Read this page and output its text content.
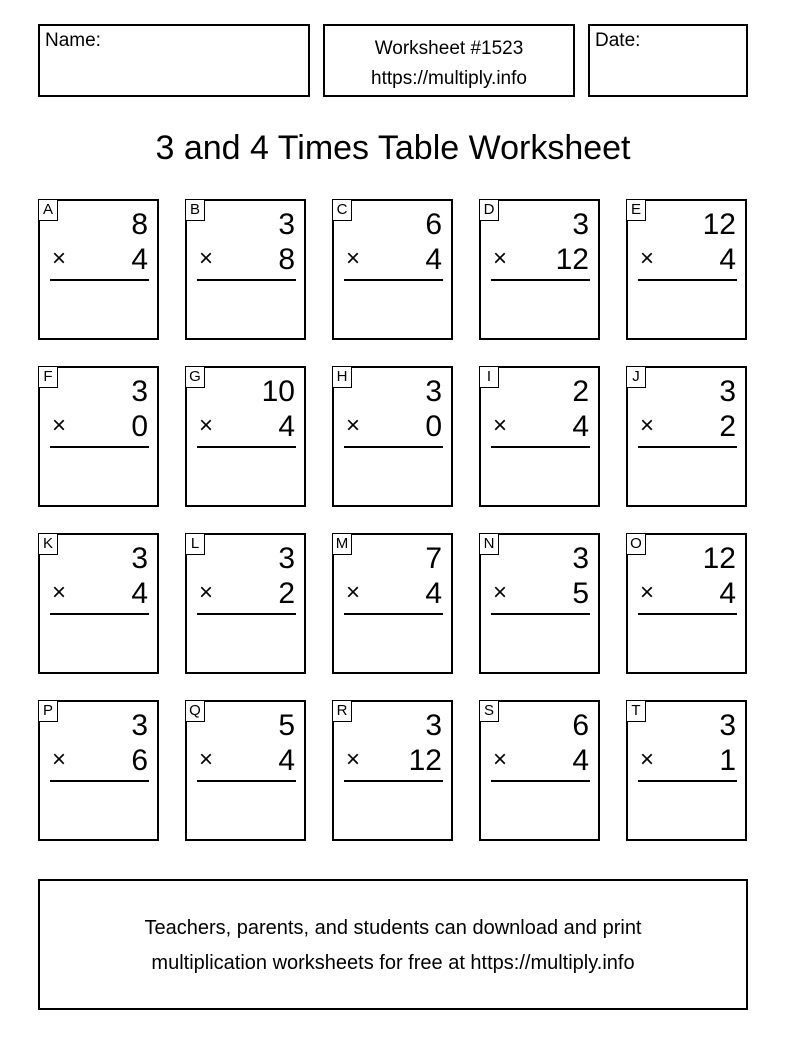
Name:	Worksheet #1523
https://multiply.info
Date:
3 and 4 Times Table Worksheet
A	8
× 4
B	3
× 8
C	6
× 4
D	3
× 12
E 12
× 4
F	3
× 0
G 10
× 4
H	3
× 0
I	2
× 4
J	3
× 2
K	3
× 4
L	3
× 2
M	7
× 4
N	3
× 5
O 12
× 4
P	3
× 6
Q	5
× 4
R	3
× 12
S	6
× 4
T	3
× 1
Teachers, parents, and students can download and print
multiplication worksheets for free at https://multiply.info
